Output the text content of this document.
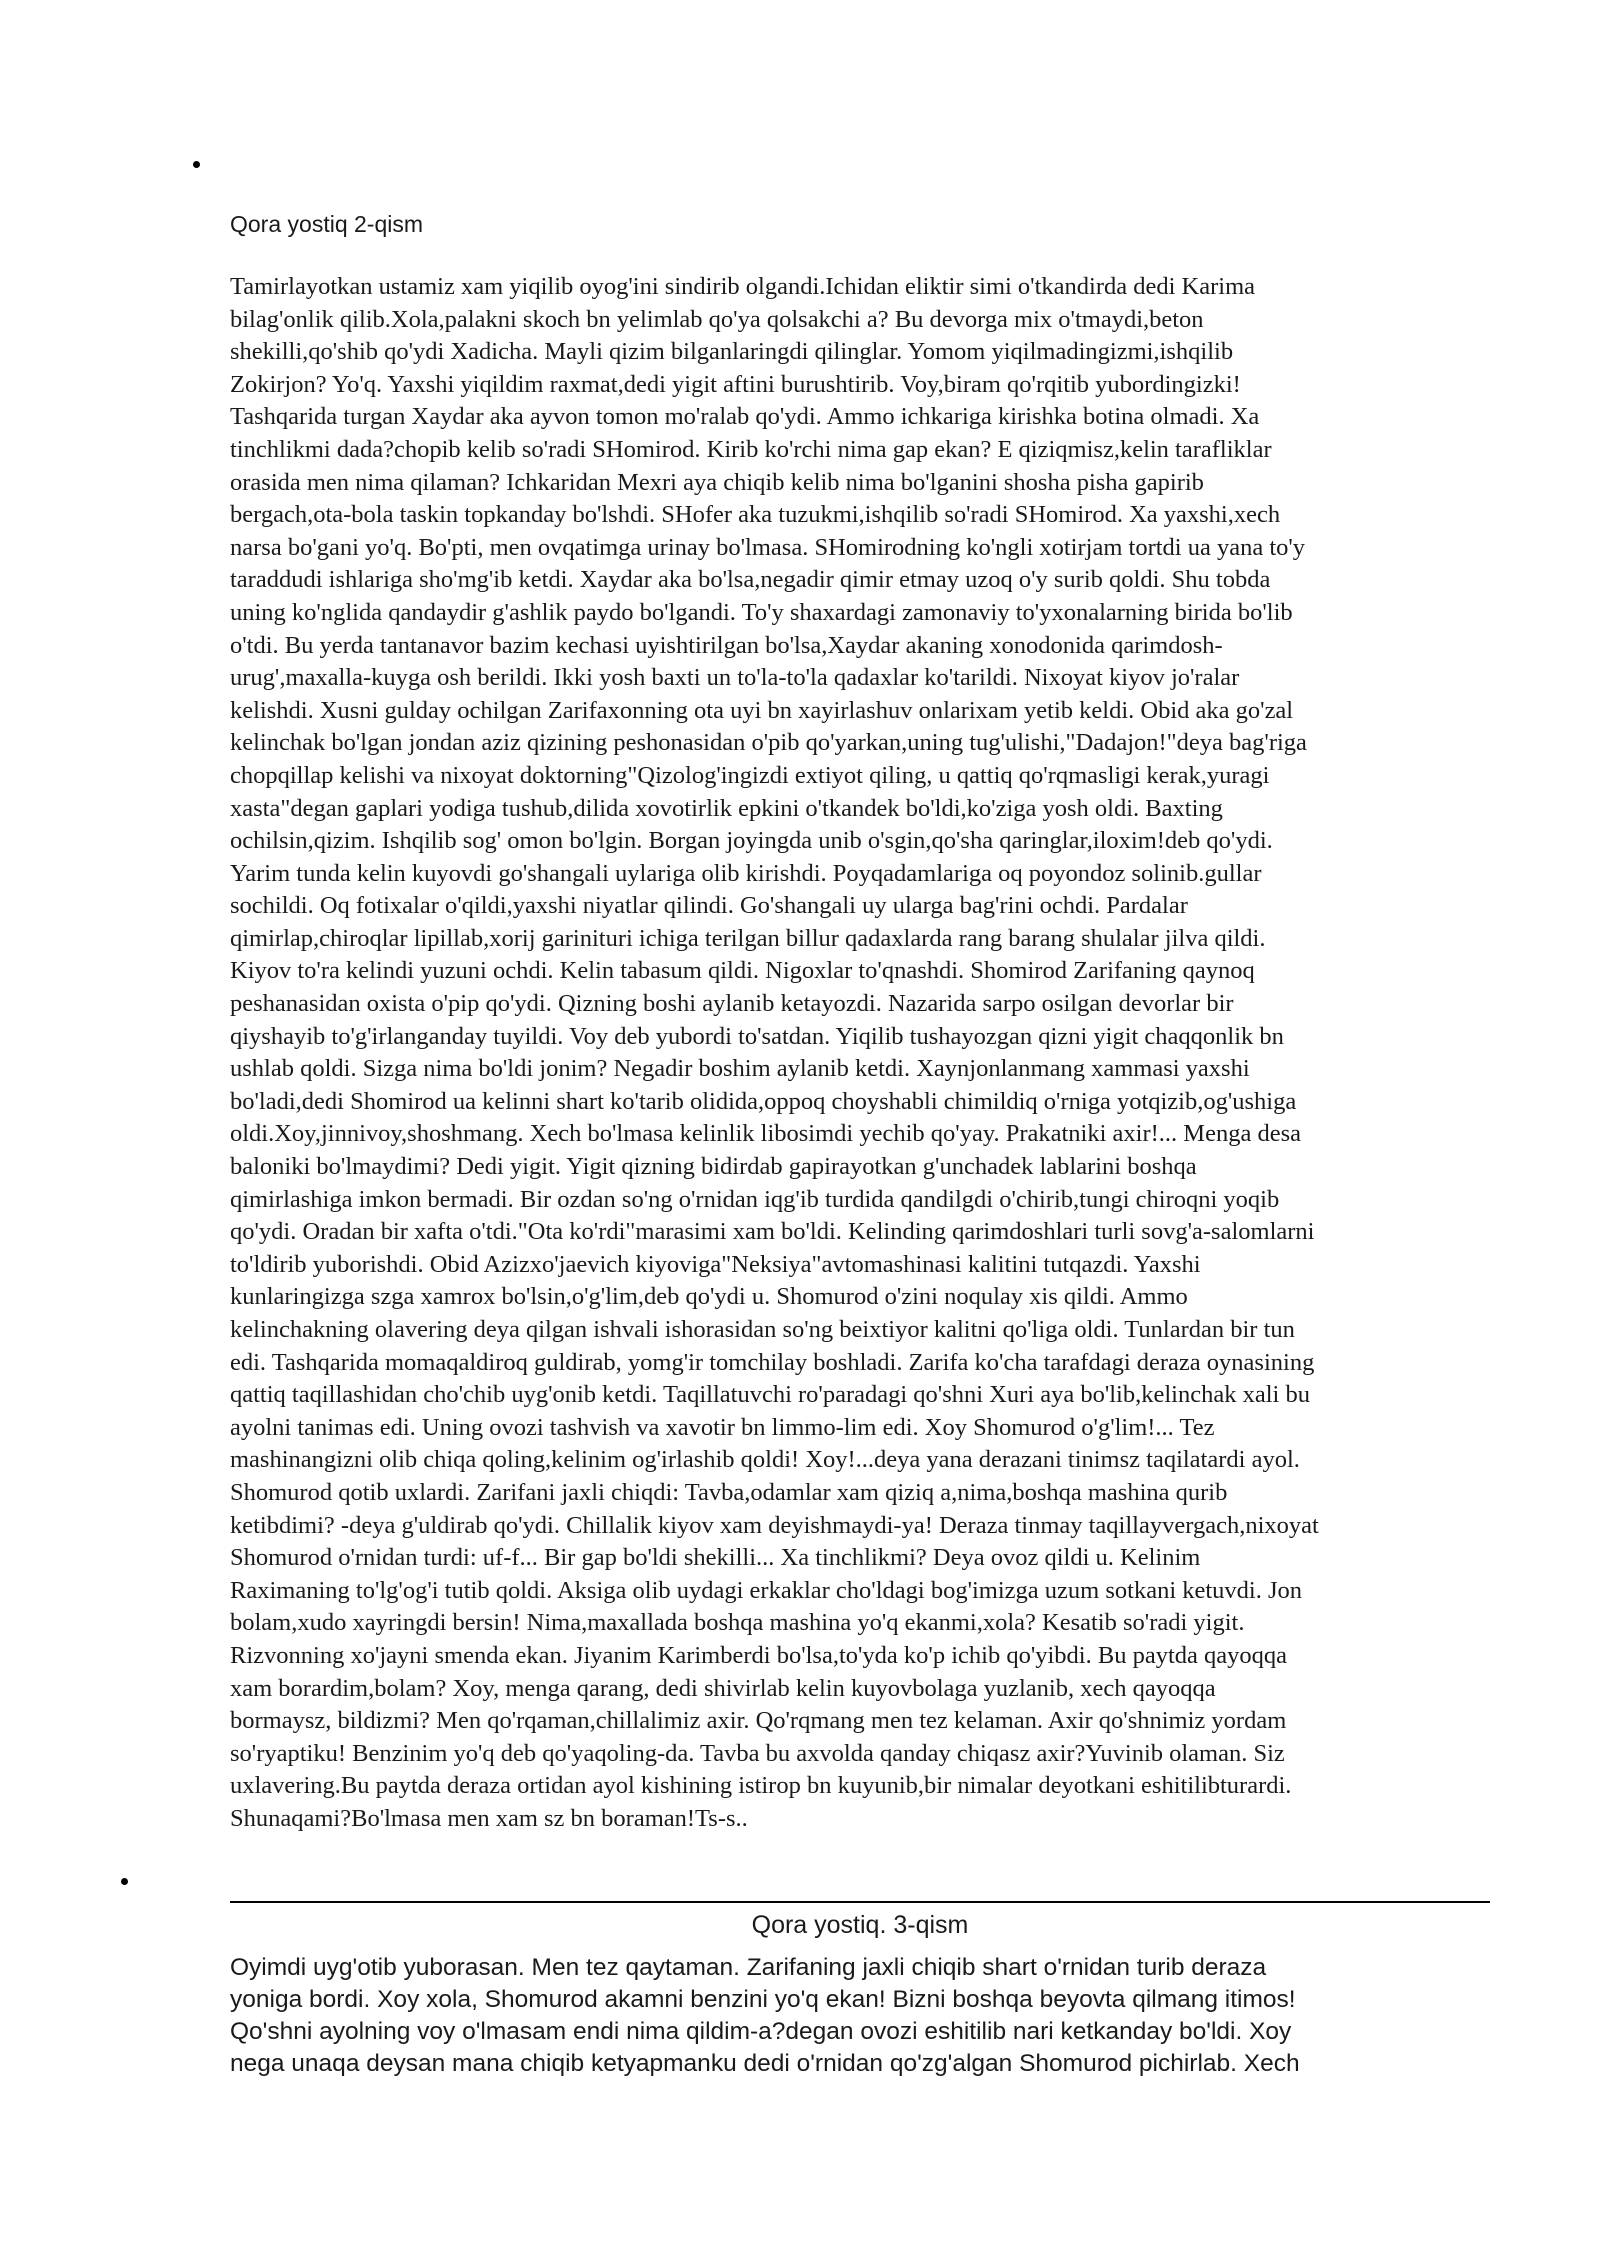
Qora yostiq 2-qism
Tamirlayotkan ustamiz xam yiqilib oyog'ini sindirib olgandi.Ichidan eliktir simi o'tkandirda dedi Karima
bilag'onlik qilib.Xola,palakni skoch bn yelimlab qo'ya qolsakchi a? Bu devorga mix o'tmaydi,beton
shekilli,qo'shib qo'ydi Xadicha. Mayli qizim bilganlaringdi qilinglar. Yomom yiqilmadingizmi,ishqilib
Zokirjon? Yo'q. Yaxshi yiqildim raxmat,dedi yigit aftini burushtirib. Voy,biram qo'rqitib yubordingizki!
Tashqarida turgan Xaydar aka ayvon tomon mo'ralab qo'ydi. Ammo ichkariga kirishka botina olmadi. Xa
tinchlikmi dada?chopib kelib so'radi SHomirod. Kirib ko'rchi nima gap ekan? E qiziqmisz,kelin tarafliklar
orasida men nima qilaman? Ichkaridan Mexri aya chiqib kelib nima bo'lganini shosha pisha gapirib
bergach,ota-bola taskin topkanday bo'lshdi. SHofer aka tuzukmi,ishqilib so'radi SHomirod. Xa yaxshi,xech
narsa bo'gani yo'q. Bo'pti, men ovqatimga urinay bo'lmasa. SHomirodning ko'ngli xotirjam tortdi ua yana to'y
taraddudi ishlariga sho'mg'ib ketdi. Xaydar aka bo'lsa,negadir qimir etmay uzoq o'y surib qoldi. Shu tobda
uning ko'nglida qandaydir g'ashlik paydo bo'lgandi. To'y shaxardagi zamonaviy to'yxonalarning birida bo'lib
o'tdi. Bu yerda tantanavor bazim kechasi uyishtirilgan bo'lsa,Xaydar akaning xonodonida qarimdosh-
urug',maxalla-kuyga osh berildi. Ikki yosh baxti un to'la-to'la qadaxlar ko'tarildi. Nixoyat kiyov jo'ralar
kelishdi. Xusni gulday ochilgan Zarifaxonning ota uyi bn xayirlashuv onlarixam yetib keldi. Obid aka go'zal
kelinchak bo'lgan jondan aziz qizining peshonasidan o'pib qo'yarkan,uning tug'ulishi,"Dadajon!"deya bag'riga
chopqillap kelishi va nixoyat doktorning"Qizolog'ingizdi extiyot qiling, u qattiq qo'rqmasligi kerak,yuragi
xasta"degan gaplari yodiga tushub,dilida xovotirlik epkini o'tkandek bo'ldi,ko'ziga yosh oldi. Baxting
ochilsin,qizim. Ishqilib sog' omon bo'lgin. Borgan joyingda unib o'sgin,qo'sha qaringlar,iloxim!deb qo'ydi.
Yarim tunda kelin kuyovdi go'shangali uylariga olib kirishdi. Poyqadamlariga oq poyondoz solinib.gullar
sochildi. Oq fotixalar o'qildi,yaxshi niyatlar qilindi. Go'shangali uy ularga bag'rini ochdi. Pardalar
qimirlap,chiroqlar lipillab,xorij garinituri ichiga terilgan billur qadaxlarda rang barang shulalar jilva qildi.
Kiyov to'ra kelindi yuzuni ochdi. Kelin tabasum qildi. Nigoxlar to'qnashdi. Shomirod Zarifaning qaynoq
peshanasidan oxista o'pip qo'ydi. Qizning boshi aylanib ketayozdi. Nazarida sarpo osilgan devorlar bir
qiyshayib to'g'irlanganday tuyildi. Voy deb yubordi to'satdan. Yiqilib tushayozgan qizni yigit chaqqonlik bn
ushlab qoldi. Sizga nima bo'ldi jonim? Negadir boshim aylanib ketdi. Xaynjonlanmang xammasi yaxshi
bo'ladi,dedi Shomirod ua kelinni shart ko'tarib olidida,oppoq choyshabli chimildiq o'rniga yotqizib,og'ushiga
oldi.Xoy,jinnivoy,shoshmang. Xech bo'lmasa kelinlik libosimdi yechib qo'yay. Prakatniki axir!... Menga desa
baloniki bo'lmaydimi? Dedi yigit. Yigit qizning bidirdab gapirayotkan g'unchadek lablarini boshqa
qimirlashiga imkon bermadi. Bir ozdan so'ng o'rnidan iqg'ib turdida qandilgdi o'chirib,tungi chiroqni yoqib
qo'ydi. Oradan bir xafta o'tdi."Ota ko'rdi"marasimi xam bo'ldi. Kelinding qarimdoshlari turli sovg'a-salomlarni
to'ldirib yuborishdi. Obid Azizxo'jaevich kiyoviga"Neksiya"avtomashinasi kalitini tutqazdi. Yaxshi
kunlaringizga szga xamrox bo'lsin,o'g'lim,deb qo'ydi u. Shomurod o'zini noqulay xis qildi. Ammo
kelinchakning olavering deya qilgan ishvali ishorasidan so'ng beixtiyor kalitni qo'liga oldi. Tunlardan bir tun
edi. Tashqarida momaqaldiroq guldirab, yomg'ir tomchilay boshladi. Zarifa ko'cha tarafdagi deraza oynasining
qattiq taqillashidan cho'chib uyg'onib ketdi. Taqillatuvchi ro'paradagi qo'shni Xuri aya bo'lib,kelinchak xali bu
ayolni tanimas edi. Uning ovozi tashvish va xavotir bn limmo-lim edi. Xoy Shomurod o'g'lim!... Tez
mashinangizni olib chiqa qoling,kelinim og'irlashib qoldi! Xoy!...deya yana derazani tinimsz taqilatardi ayol.
Shomurod qotib uxlardi. Zarifani jaxli chiqdi: Tavba,odamlar xam qiziq a,nima,boshqa mashina qurib
ketibdimi? -deya g'uldirab qo'ydi. Chillalik kiyov xam deyishmaydi-ya! Deraza tinmay taqillayvergach,nixoyat
Shomurod o'rnidan turdi: uf-f... Bir gap bo'ldi shekilli... Xa tinchlikmi? Deya ovoz qildi u. Kelinim
Raximaning to'lg'og'i tutib qoldi. Aksiga olib uydagi erkaklar cho'ldagi bog'imizga uzum sotkani ketuvdi. Jon
bolam,xudo xayringdi bersin! Nima,maxallada boshqa mashina yo'q ekanmi,xola? Kesatib so'radi yigit.
Rizvonning xo'jayni smenda ekan. Jiyanim Karimberdi bo'lsa,to'yda ko'p ichib qo'yibdi. Bu paytda qayoqqa
xam borardim,bolam? Xoy, menga qarang, dedi shivirlab kelin kuyovbolaga yuzlanib, xech qayoqqa
bormaysz, bildizmi? Men qo'rqaman,chillalimiz axir. Qo'rqmang men tez kelaman. Axir qo'shnimiz yordam
so'ryaptiku! Benzinim yo'q deb qo'yaqoling-da. Tavba bu axvolda qanday chiqasz axir?Yuvinib olaman. Siz
uxlavering.Bu paytda deraza ortidan ayol kishining istirop bn kuyunib,bir nimalar deyotkani eshitilibturardi.
Shunaqami?Bo'lmasa men xam sz bn boraman!Ts-s..
Qora yostiq. 3-qism
Oyimdi uyg'otib yuborasan. Men tez qaytaman. Zarifaning jaxli chiqib shart o'rnidan turib deraza
yoniga bordi. Xoy xola, Shomurod akamni benzini yo'q ekan! Bizni boshqa beyovta qilmang itimos!
Qo'shni ayolning voy o'lmasam endi nima qildim-a?degan ovozi eshitilib nari ketkanday bo'ldi. Xoy
nega unaqa deysan mana chiqib ketyapmanku dedi o'rnidan qo'zg'algan Shomurod pichirlab. Xech
